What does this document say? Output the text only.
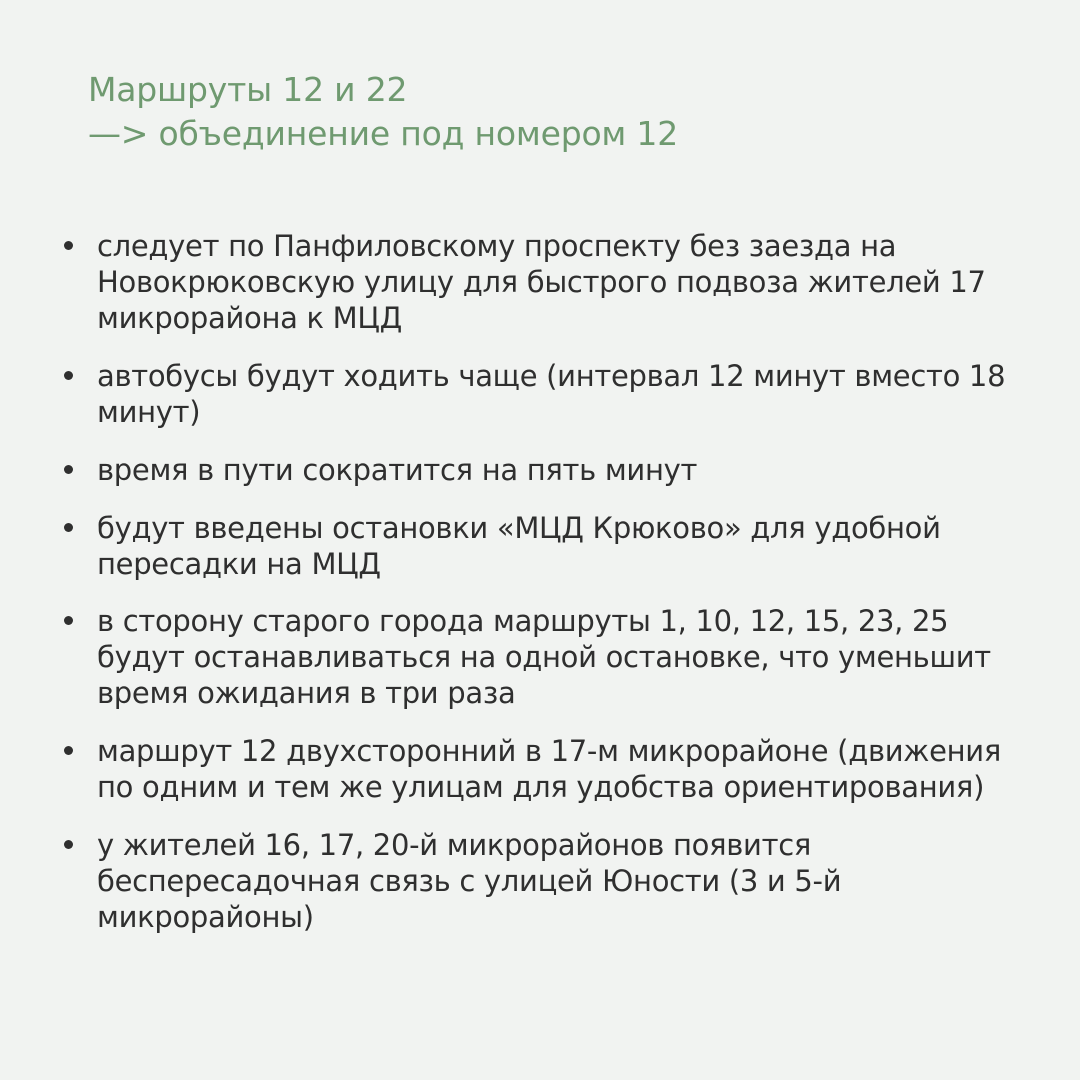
Маршруты 12 и 22
—> объединение под номером 12
следует по Панфиловскому проспекту без заезда на Новокрюковскую улицу для быстрого подвоза жителей 17 микрорайона к МЦД
автобусы будут ходить чаще (интервал 12 минут вместо 18 минут)
время в пути сократится на пять минут
будут введены остановки «МЦД Крюково» для удобной пересадки на МЦД
в сторону старого города маршруты 1, 10, 12, 15, 23, 25 будут останавливаться на одной остановке, что уменьшит время ожидания в три раза
маршрут 12 двухсторонний в 17-м микрорайоне (движения по одним и тем же улицам для удобства ориентирования)
у жителей 16, 17, 20-й микрорайонов появится беспересадочная связь с улицей Юности (3 и 5-й микрорайоны)
